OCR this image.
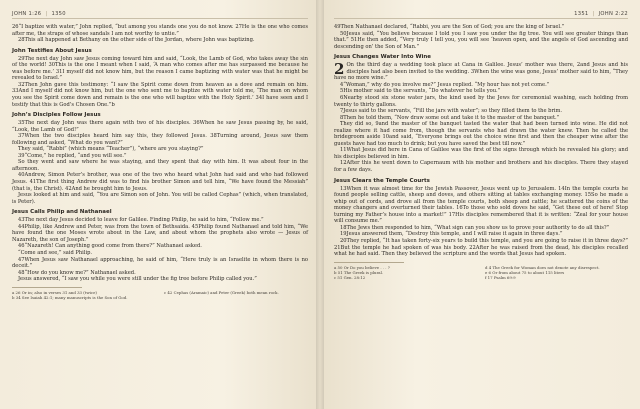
JOHN 1:26 | 1350

26“I baptize with water,” John replied, “but among you stands one you do not know. 27He is the one who comes after me, the straps of whose sandals I am not worthy to untie.”

28This all happened at Bethany on the other side of the Jordan, where John was baptizing.

John Testifies About Jesus

29The next day John saw Jesus coming toward him and said, “Look, the Lamb of God, who takes away the sin of the world! 30This is the one I meant when I said, ‘A man who comes after me has surpassed me because he was before me.’ 31I myself did not know him, but the reason I came baptizing with water was that he might be revealed to Israel.”

32Then John gave this testimony: “I saw the Spirit come down from heaven as a dove and remain on him. 33And I myself did not know him, but the one who sent me to baptize with water told me, ‘The man on whom you see the Spirit come down and remain is the one who will baptize with the Holy Spirit.’ 34I have seen and I testify that this is God’s Chosen One.”b

John’s Disciples Follow Jesus

35The next day John was there again with two of his disciples. 36When he saw Jesus passing by, he said, “Look, the Lamb of God!”

37When the two disciples heard him say this, they followed Jesus. 38Turning around, Jesus saw them following and asked, “What do you want?”

They said, “Rabbi” (which means “Teacher”), “where are you staying?”

39“Come,” he replied, “and you will see.”

So they went and saw where he was staying, and they spent that day with him. It was about four in the afternoon.

40Andrew, Simon Peter’s brother, was one of the two who heard what John had said and who had followed Jesus. 41The first thing Andrew did was to find his brother Simon and tell him, “We have found the Messiah” (that is, the Christ). 42And he brought him to Jesus.

Jesus looked at him and said, “You are Simon son of John. You will be called Cephas” (which, when translated, is Peter).

Jesus Calls Philip and Nathanael

43The next day Jesus decided to leave for Galilee. Finding Philip, he said to him, “Follow me.”

44Philip, like Andrew and Peter, was from the town of Bethsaida. 45Philip found Nathanael and told him, “We have found the one Moses wrote about in the Law, and about whom the prophets also wrote — Jesus of Nazareth, the son of Joseph.”

46“Nazareth! Can anything good come from there?” Nathanael asked.

“Come and see,” said Philip.

47When Jesus saw Nathanael approaching, he said of him, “Here truly is an Israelite in whom there is no deceit.”

48“How do you know me?” Nathanael asked.

Jesus answered, “I saw you while you were still under the fig tree before Philip called you.”

a 26 Or in; also in verses 31 and 33 (twice)
b 34 See Isaiah 42:1; many manuscripts is the Son of God.
c 42 Cephas (Aramaic) and Peter (Greek) both mean rock.
1351 | JOHN 2:22

49Then Nathanael declared, “Rabbi, you are the Son of God; you are the king of Israel.”

50Jesus said, “You believe because I told you I saw you under the fig tree. You will see greater things than that.” 51He then added, “Very truly I tell you, you will see ‘heaven open, and the angels of God ascending and descending on’ the Son of Man.”

Jesus Changes Water Into Wine

2 On the third day a wedding took place at Cana in Galilee. Jesus’ mother was there, 2and Jesus and his disciples had also been invited to the wedding. 3When the wine was gone, Jesus’ mother said to him, “They have no more wine.”

4“Woman,” why do you involve me?” Jesus replied. “My hour has not yet come.”

5His mother said to the servants, “Do whatever he tells you.”

6Nearby stood six stone water jars, the kind used by the Jews for ceremonial washing, each holding from twenty to thirty gallons.

7Jesus said to the servants, “Fill the jars with water”; so they filled them to the brim.

8Then he told them, “Now draw some out and take it to the master of the banquet.”

They did so, 9and the master of the banquet tasted the water that had been turned into wine. He did not realize where it had come from, though the servants who had drawn the water knew. Then he called the bridegroom aside 10and said, “Everyone brings out the choice wine first and then the cheaper wine after the guests have had too much to drink; but you have saved the best till now.”

11What Jesus did here in Cana of Galilee was the first of the signs through which he revealed his glory; and his disciples believed in him.

12After this he went down to Capernaum with his mother and brothers and his disciples. There they stayed for a few days.

Jesus Clears the Temple Courts

13When it was almost time for the Jewish Passover, Jesus went up to Jerusalem. 14In the temple courts he found people selling cattle, sheep and doves, and others sitting at tables exchanging money. 15So he made a whip out of cords, and drove all from the temple courts, both sheep and cattle; he scattered the coins of the money changers and overturned their tables. 16To those who sold doves he said, “Get these out of here! Stop turning my Father’s house into a market!” 17His disciples remembered that it is written: “Zeal for your house will consume me.”

18The Jews then responded to him, “What sign can you show us to prove your authority to do all this?”

19Jesus answered them, “Destroy this temple, and I will raise it again in three days.”

20They replied, “It has taken forty-six years to build this temple, and you are going to raise it in three days?” 21But the temple he had spoken of was his body. 22After he was raised from the dead, his disciples recalled what he had said. Then they believed the scripture and the words that Jesus had spoken.

a 50 Or Do you believe . . . ?
b 51 The Greek is plural.
c 51 Gen. 28:12
d 4 The Greek for Woman does not denote any disrespect.
e 6 Or from about 75 to about 115 liters
f 17 Psalm 69:9
